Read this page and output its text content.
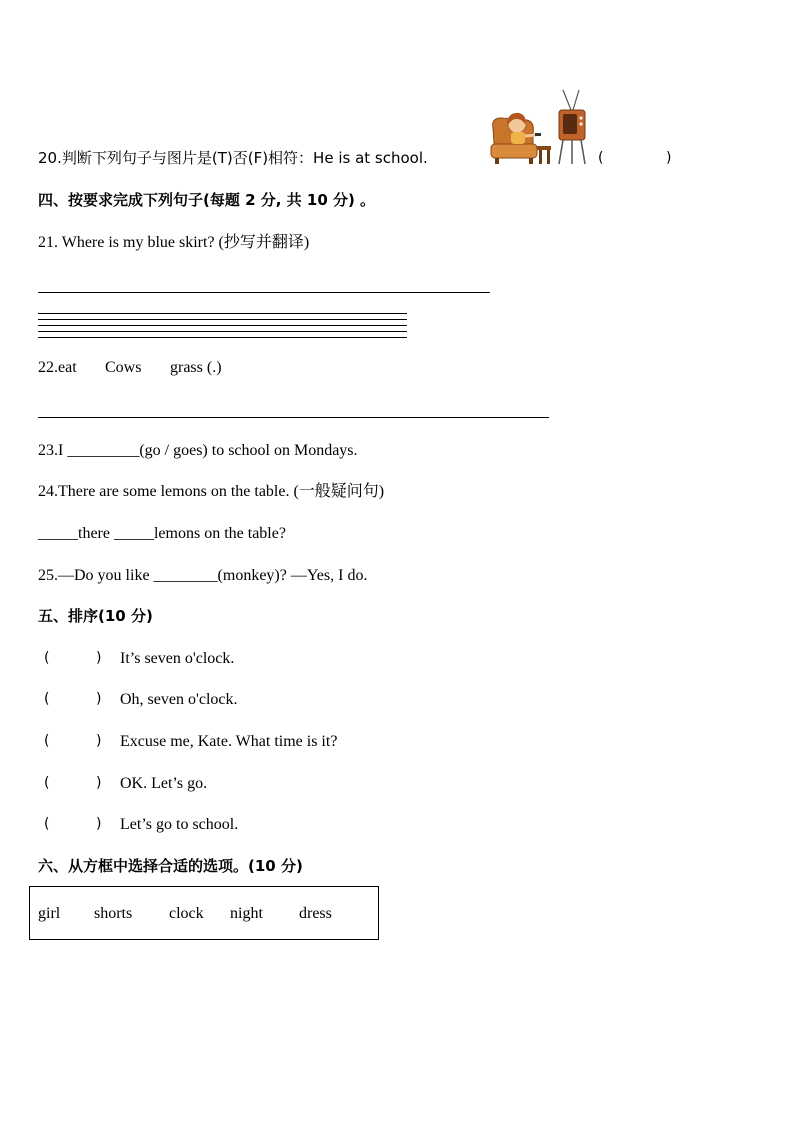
20.判断下列句子与图片是(T)否(F)相符：He is at school.	(	)
四、按要求完成下列句子(每题 2 分, 共 10 分) 。
21. Where is my blue skirt? (抄写并翻译)
22.eat Cows grass (.)
23.I _________(go / goes) to school on Mondays.
24.There are some lemons on the table. (一般疑问句)
_____there _____lemons on the table?
25.—Do you like ________(monkey)? —Yes, I do.
五、排序(10 分)
(	) It’s seven o'clock.
(	) Oh, seven o'clock.
(	) Excuse me, Kate. What time is it?
(	) OK. Let’s go.
(	) Let’s go to school.
六、从方框中选择合适的选项。(10 分)
girl shorts clock night dress
